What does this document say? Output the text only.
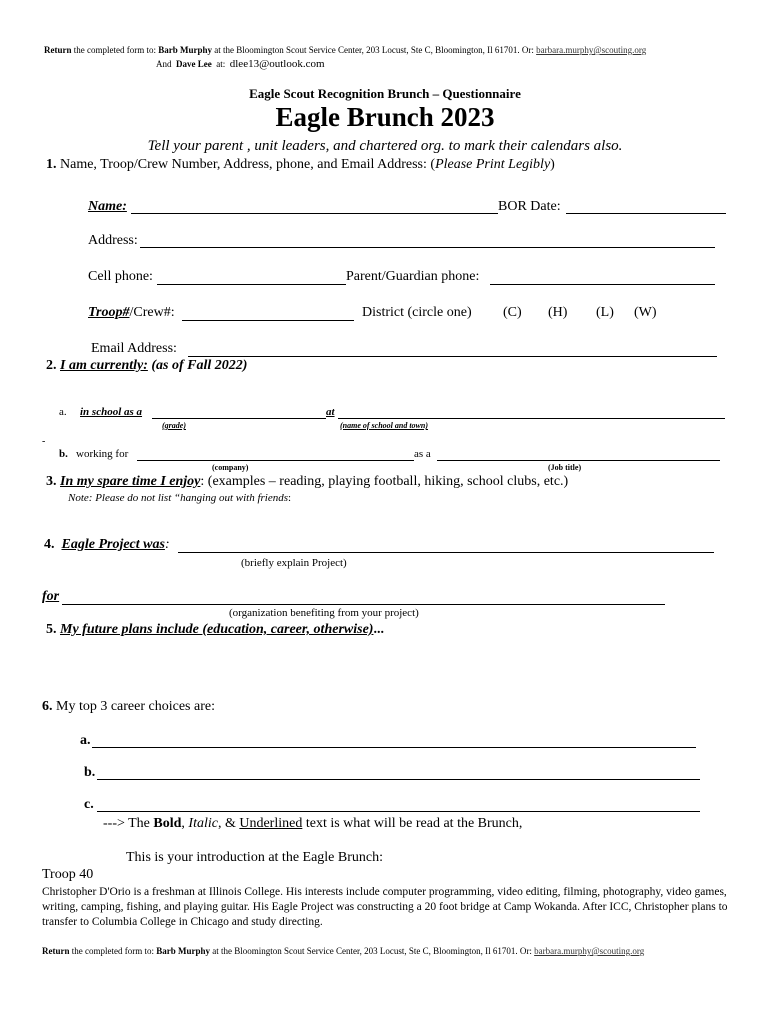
Return the completed form to: Barb Murphy at the Bloomington Scout Service Center, 203 Locust, Ste C, Bloomington, Il 61701. Or: barbara.murphy@scouting.org
And Dave Lee at: dlee13@outlook.com
Eagle Scout Recognition Brunch – Questionnaire
Eagle Brunch 2023
Tell your parent , unit leaders, and chartered org. to mark their calendars also.
1. Name, Troop/Crew Number, Address, phone, and Email Address: (Please Print Legibly)
Name:	BOR Date:
Address:
Cell phone:	Parent/Guardian phone:
Troop#/Crew#:	District (circle one) (C) (H) (L) (W)
Email Address:
2. I am currently: (as of Fall 2022)
a. in school as a	at
(grade)	(name of school and town)
-
b. working for	as a
(company)	(Job title)
3. In my spare time I enjoy: (examples – reading, playing football, hiking, school clubs, etc.)
Note: Please do not list “hanging out with friends:
4. Eagle Project was:
(briefly explain Project)
for
(organization benefiting from your project)
5. My future plans include (education, career, otherwise)...
6. My top 3 career choices are:
a.
b.
c.
---> The Bold, Italic, & Underlined text is what will be read at the Brunch,
This is your introduction at the Eagle Brunch:
Troop 40
Christopher D'Orio is a freshman at Illinois College. His interests include computer programming, video editing, filming, photography, video games, writing, camping, fishing, and playing guitar. His Eagle Project was constructing a 20 foot bridge at Camp Wokanda. After ICC, Christopher plans to transfer to Columbia College in Chicago and study directing.
Return the completed form to: Barb Murphy at the Bloomington Scout Service Center, 203 Locust, Ste C, Bloomington, Il 61701. Or: barbara.murphy@scouting.org
